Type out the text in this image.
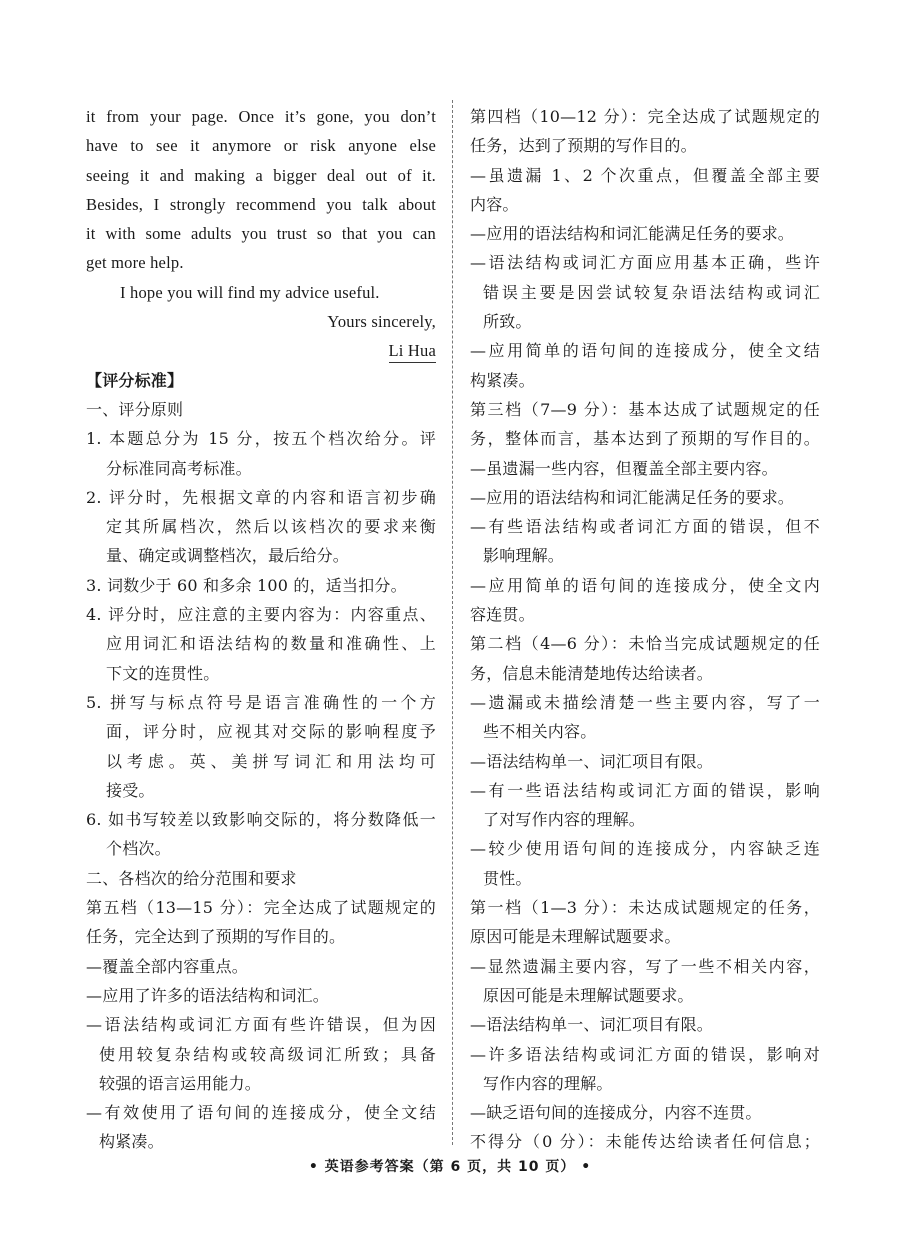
it from your page. Once it’s gone, you don’t
have to see it anymore or risk anyone else
seeing it and making a bigger deal out of it.
Besides, I strongly recommend you talk about
it with some adults you trust so that you can
get more help.
I hope you will find my advice useful.
Yours sincerely,
Li Hua
【评分标准】
一、评分原则
1. 本题总分为 15 分，按五个档次给分。评
分标准同高考标准。
2. 评分时，先根据文章的内容和语言初步确
定其所属档次，然后以该档次的要求来衡
量、确定或调整档次，最后给分。
3. 词数少于 60 和多余 100 的，适当扣分。
4. 评分时，应注意的主要内容为：内容重点、
应用词汇和语法结构的数量和准确性、上
下文的连贯性。
5. 拼写与标点符号是语言准确性的一个方
面，评分时，应视其对交际的影响程度予
以考虑。英、美拼写词汇和用法均可
接受。
6. 如书写较差以致影响交际的，将分数降低一
个档次。
二、各档次的给分范围和要求
第五档（13—15 分）：完全达成了试题规定的
任务，完全达到了预期的写作目的。
—覆盖全部内容重点。
—应用了许多的语法结构和词汇。
—语法结构或词汇方面有些许错误，但为因
使用较复杂结构或较高级词汇所致；具备
较强的语言运用能力。
—有效使用了语句间的连接成分，使全文结
构紧凑。
第四档（10—12 分）：完全达成了试题规定的
任务，达到了预期的写作目的。
—虽遗漏 1、2 个次重点，但覆盖全部主要
内容。
—应用的语法结构和词汇能满足任务的要求。
—语法结构或词汇方面应用基本正确，些许
错误主要是因尝试较复杂语法结构或词汇
所致。
—应用简单的语句间的连接成分，使全文结
构紧凑。
第三档（7—9 分）：基本达成了试题规定的任
务，整体而言，基本达到了预期的写作目的。
—虽遗漏一些内容，但覆盖全部主要内容。
—应用的语法结构和词汇能满足任务的要求。
—有些语法结构或者词汇方面的错误，但不
影响理解。
—应用简单的语句间的连接成分，使全文内
容连贯。
第二档（4—6 分）：未恰当完成试题规定的任
务，信息未能清楚地传达给读者。
—遗漏或未描绘清楚一些主要内容，写了一
些不相关内容。
—语法结构单一、词汇项目有限。
—有一些语法结构或词汇方面的错误，影响
了对写作内容的理解。
—较少使用语句间的连接成分，内容缺乏连
贯性。
第一档（1—3 分）：未达成试题规定的任务，
原因可能是未理解试题要求。
—显然遗漏主要内容，写了一些不相关内容，
原因可能是未理解试题要求。
—语法结构单一、词汇项目有限。
—许多语法结构或词汇方面的错误，影响对
写作内容的理解。
—缺乏语句间的连接成分，内容不连贯。
不得分（0 分）：未能传达给读者任何信息；
• 英语参考答案（第 6 页，共 10 页） •
